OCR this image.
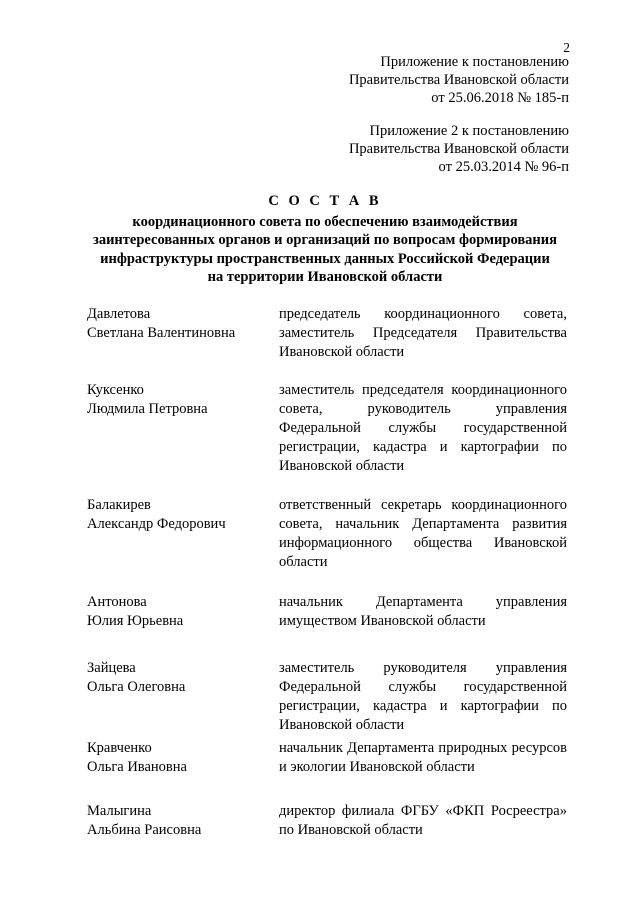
2
Приложение к постановлению
Правительства Ивановской области
от 25.06.2018 № 185-п
Приложение 2 к постановлению
Правительства Ивановской области
от 25.03.2014 № 96-п
С О С Т А В
координационного совета по обеспечению взаимодействия
заинтересованных органов и организаций по вопросам формирования
инфраструктуры пространственных данных Российской Федерации
на территории Ивановской области
Давлетова
Светлана Валентиновна
председатель координационного совета, заместитель Председателя Правительства Ивановской области
Куксенко
Людмила Петровна
заместитель председателя координационного совета, руководитель управления Федеральной службы государственной регистрации, кадастра и картографии по Ивановской области
Балакирев
Александр Федорович
ответственный секретарь координационного совета, начальник Департамента развития информационного общества Ивановской области
Антонова
Юлия Юрьевна
начальник Департамента управления имуществом Ивановской области
Зайцева
Ольга Олеговна
заместитель руководителя управления Федеральной службы государственной регистрации, кадастра и картографии по Ивановской области
Кравченко
Ольга Ивановна
начальник Департамента природных ресурсов и экологии Ивановской области
Малыгина
Альбина Раисовна
директор филиала ФГБУ «ФКП Росреестра» по Ивановской области
